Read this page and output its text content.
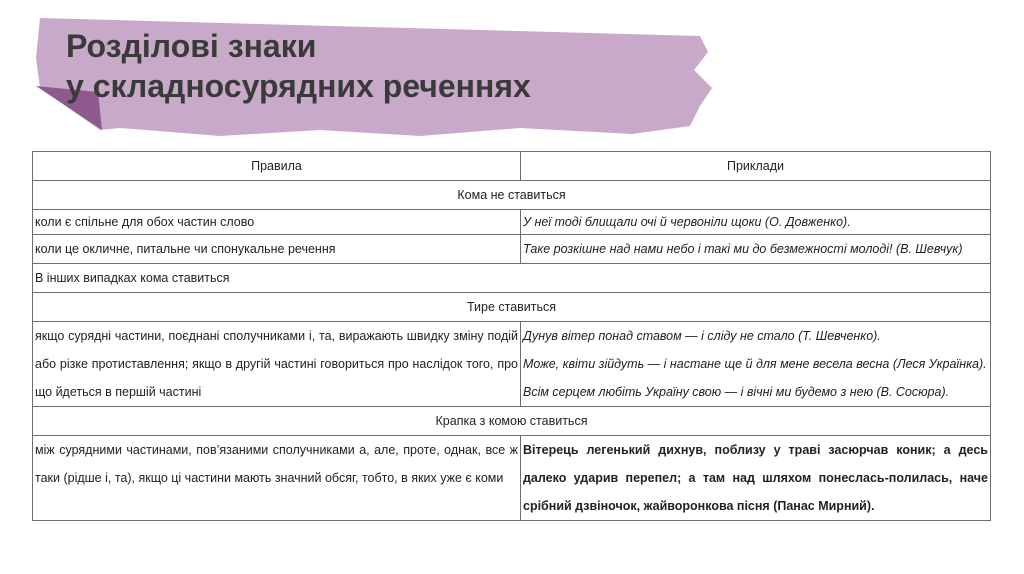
Розділові знаки
у складносурядних реченнях
Правила	Приклади
Кома не ставиться	
коли є спільне для обох частин слово	У неї тоді блищали очі й червоніли щоки (О. Довженко).
коли це окличне, питальне чи спонукальне речення	Таке розкішне над нами небо і такі ми до безмежності молоді! (В. Шевчук)
В інших випадках кома ставиться	
Тире ставиться	
якщо сурядні частини, поєднані сполучниками і, та, виражають швидку зміну подій або різке протиставлення; якщо в другій частині говориться про наслідок того, про що йдеться в першій частині	Дунув вітер понад ставом — і сліду не стало (Т. Шевченко).
Може, квіти зійдуть — і настане ще й для мене весела весна (Леся Українка).
Всім серцем любіть Україну свою — і вічні ми будемо з нею (В. Сосюра).

Крапка з комою ставиться	
між сурядними частинами, пов’язаними сполучниками а, але, проте, однак, все ж таки (рідше і, та), якщо ці частини мають значний обсяг, тобто, в яких уже є коми	Вітерець легенький дихнув, поблизу у траві засюрчав коник; а десь далеко ударив перепел; а там над шляхом понеслась-полилась, наче срібний дзвіночок, жайворонкова пісня (Панас Мирний).
